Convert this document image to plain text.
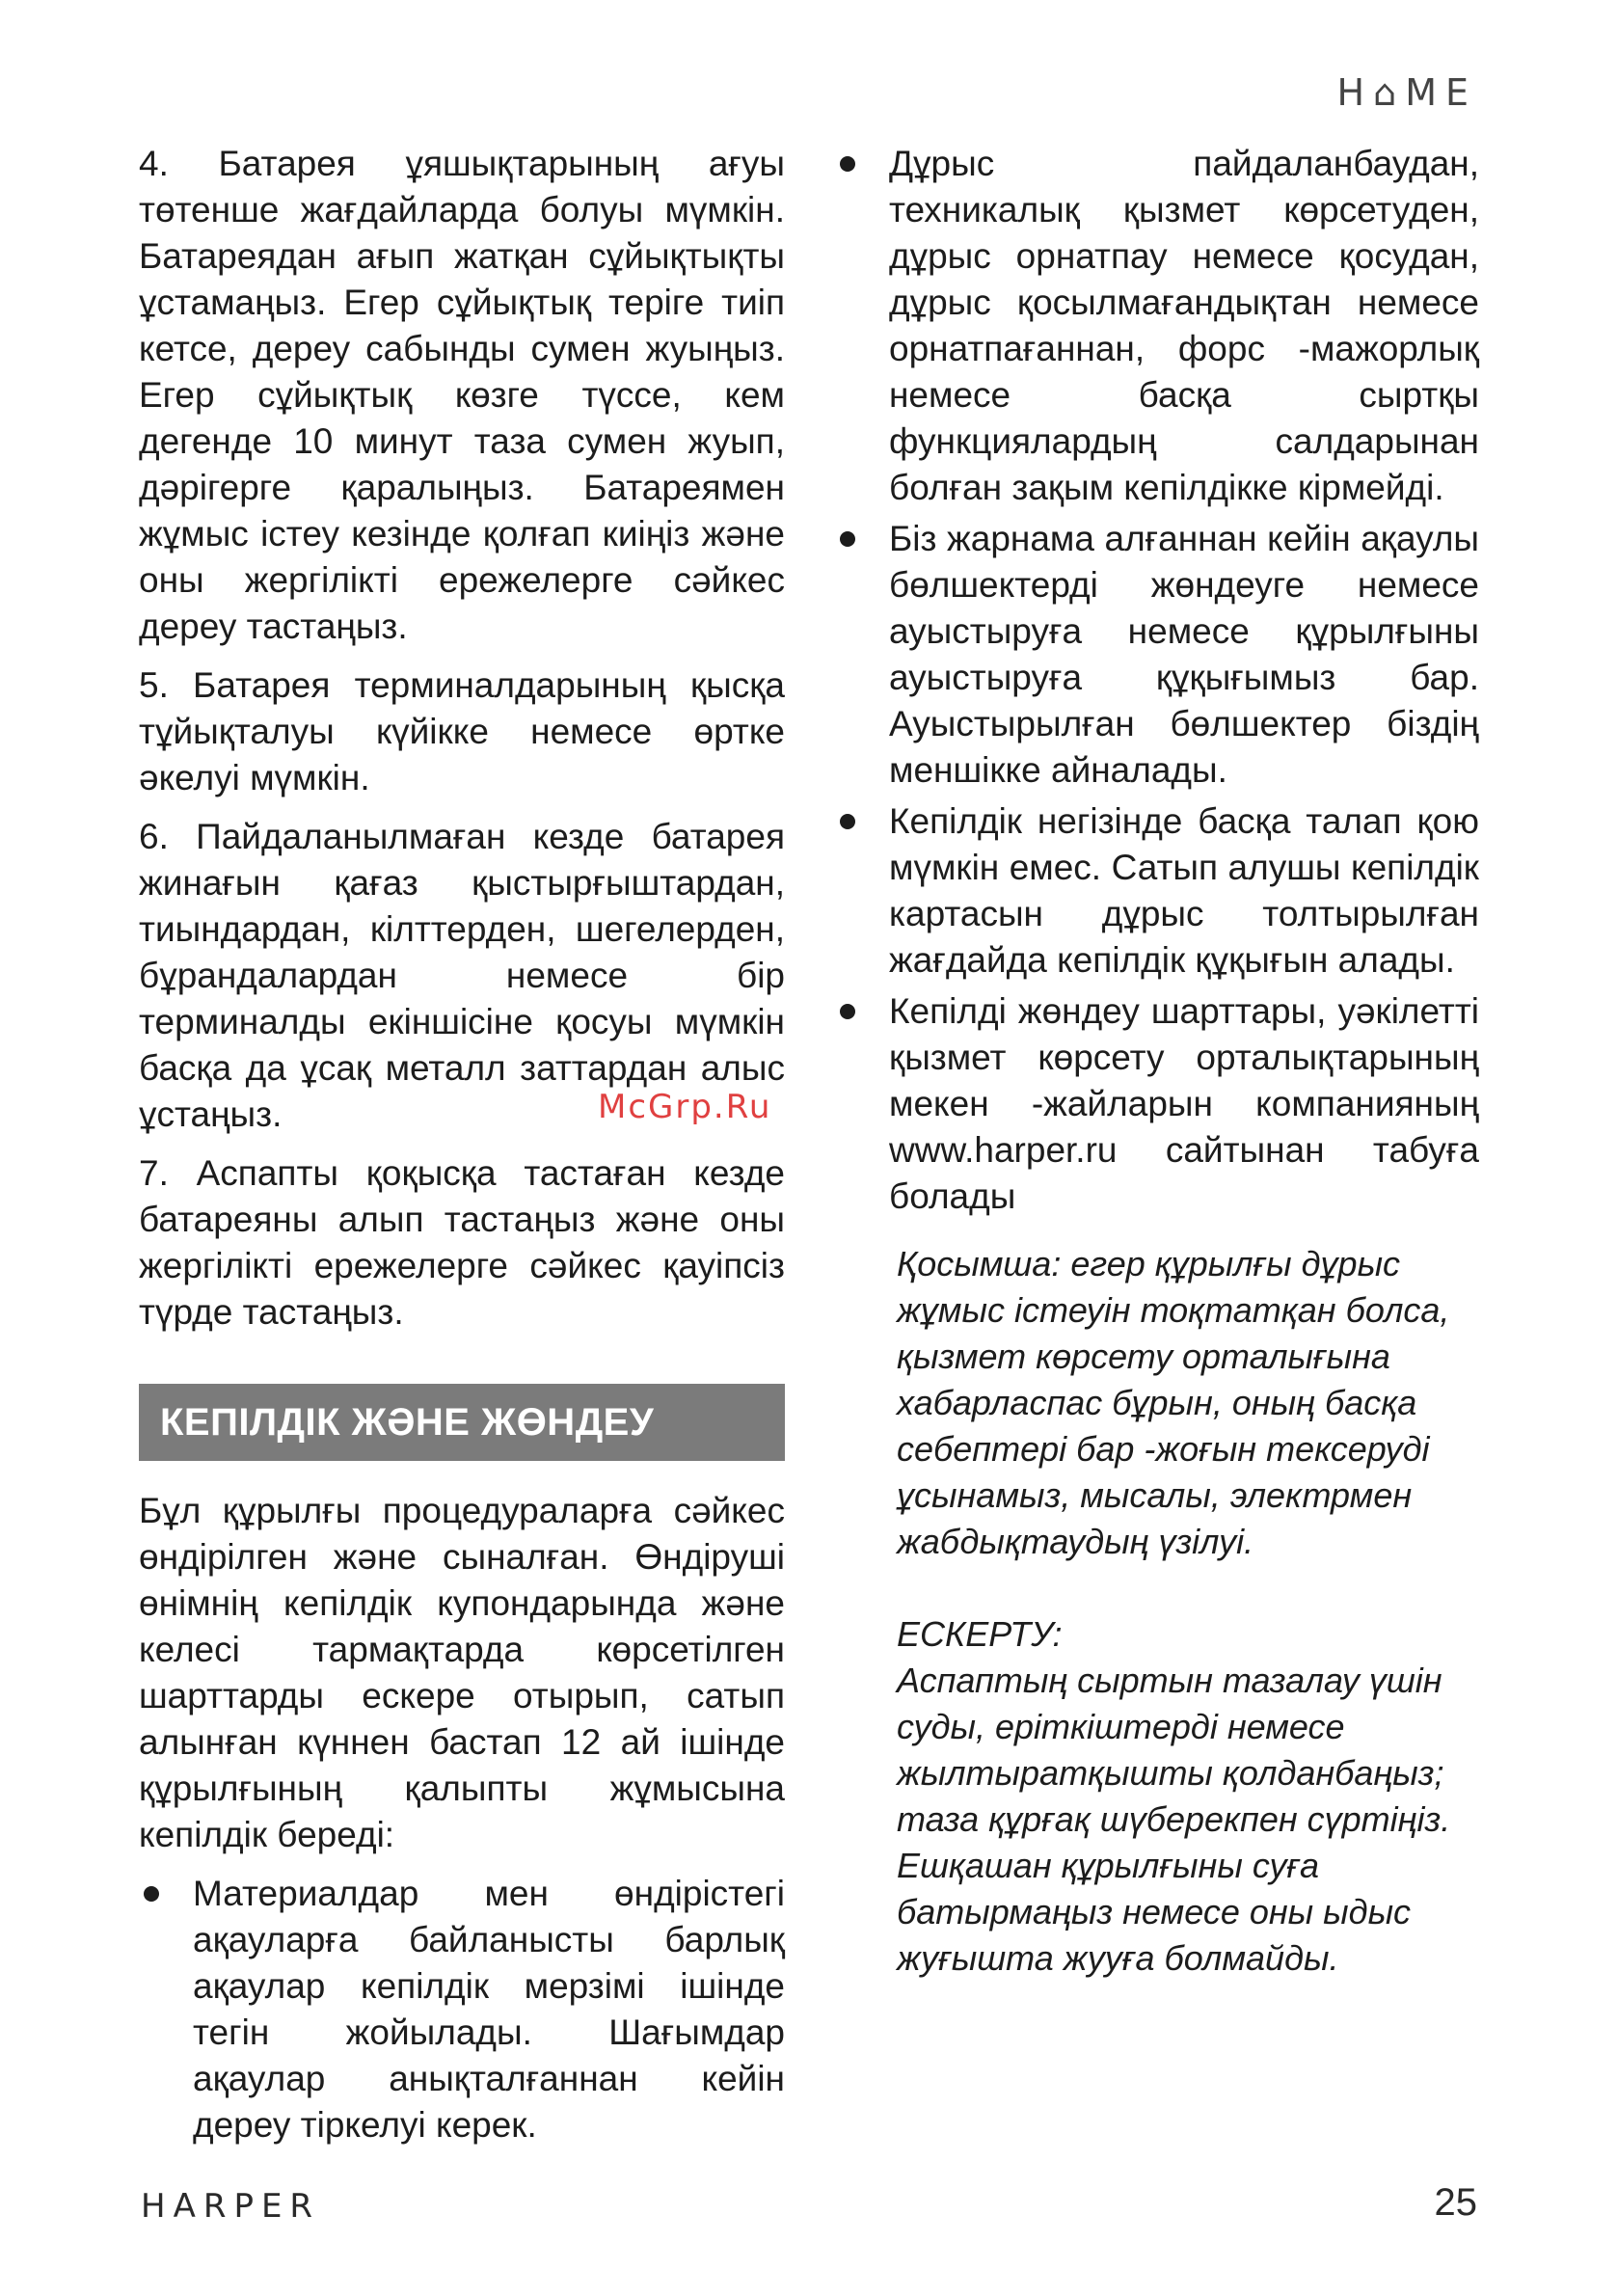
H⌂ME

4. Батарея ұяшықтарының ағуы төтенше жағдайларда болуы мүмкін. Батареядан ағып жатқан сұйықтықты ұстамаңыз. Егер сұйықтық теріге тиіп кетсе, дереу сабынды сумен жуыңыз. Егер сұйықтық көзге түссе, кем дегенде 10 минут таза сумен жуып, дәрігерге қаралыңыз. Батареямен жұмыс істеу кезінде қолғап киіңіз және оны жергілікті ережелерге сәйкес дереу тастаңыз.

5. Батарея терминалдарының қысқа тұйықталуы күйікке немесе өртке әкелуі мүмкін.

6. Пайдаланылмаған кезде батарея жинағын қағаз қыстырғыштардан, тиындардан, кілттерден, шегелерден, бұрандалардан немесе бір терминалды екіншісіне қосуы мүмкін басқа да ұсақ металл заттардан алыс ұстаңыз.

7. Аспапты қоқысқа тастаған кезде батареяны алып тастаңыз және оны жергілікті ережелерге сәйкес қауіпсіз түрде тастаңыз.

КЕПІЛДІК ЖӘНЕ ЖӨНДЕУ

Бұл құрылғы процедураларға сәйкес өндірілген және сыналған. Өндіруші өнімнің кепілдік купондарында және келесі тармақтарда көрсетілген шарттарды ескере отырып, сатып алынған күннен бастап 12 ай ішінде құрылғының қалыпты жұмысына кепілдік береді:

Материалдар мен өндірістегі ақауларға байланысты барлық ақаулар кепілдік мерзімі ішінде тегін жойылады. Шағымдар ақаулар анықталғаннан кейін дереу тіркелуі керек.
Дұрыс пайдаланбаудан, техникалық қызмет көрсетуден, дұрыс орнатпау немесе қосудан, дұрыс қосылмағандықтан немесе орнатпағаннан, форс -мажорлық немесе басқа сыртқы функциялардың салдарынан болған зақым кепілдікке кірмейді.
Біз жарнама алғаннан кейін ақаулы бөлшектерді жөндеуге немесе ауыстыруға немесе құрылғыны ауыстыруға құқығымыз бар. Ауыстырылған бөлшектер біздің меншікке айналады.
Кепілдік негізінде басқа талап қою мүмкін емес. Сатып алушы кепілдік картасын дұрыс толтырылған жағдайда кепілдік құқығын алады.
Кепілді жөндеу шарттары, уәкілетті қызмет көрсету орталықтарының мекен -жайларын компанияның www.harper.ru сайтынан табуға болады

Қосымша: егер құрылғы дұрыс жұмыс істеуін тоқтатқан болса, қызмет көрсету орталығына хабарласпас бұрын, оның басқа себептері бар -жоғын тексеруді ұсынамыз, мысалы, электрмен жабдықтаудың үзілуі.

ЕСКЕРТУ:

Аспаптың сыртын тазалау үшін суды, еріткіштерді немесе жылтыратқышты қолданбаңыз; таза құрғақ шүберекпен сүртіңіз. Ешқашан құрылғыны суға батырмаңыз немесе оны ыдыс жуғышта жууға болмайды.

McGrp.Ru
HARPER	25
